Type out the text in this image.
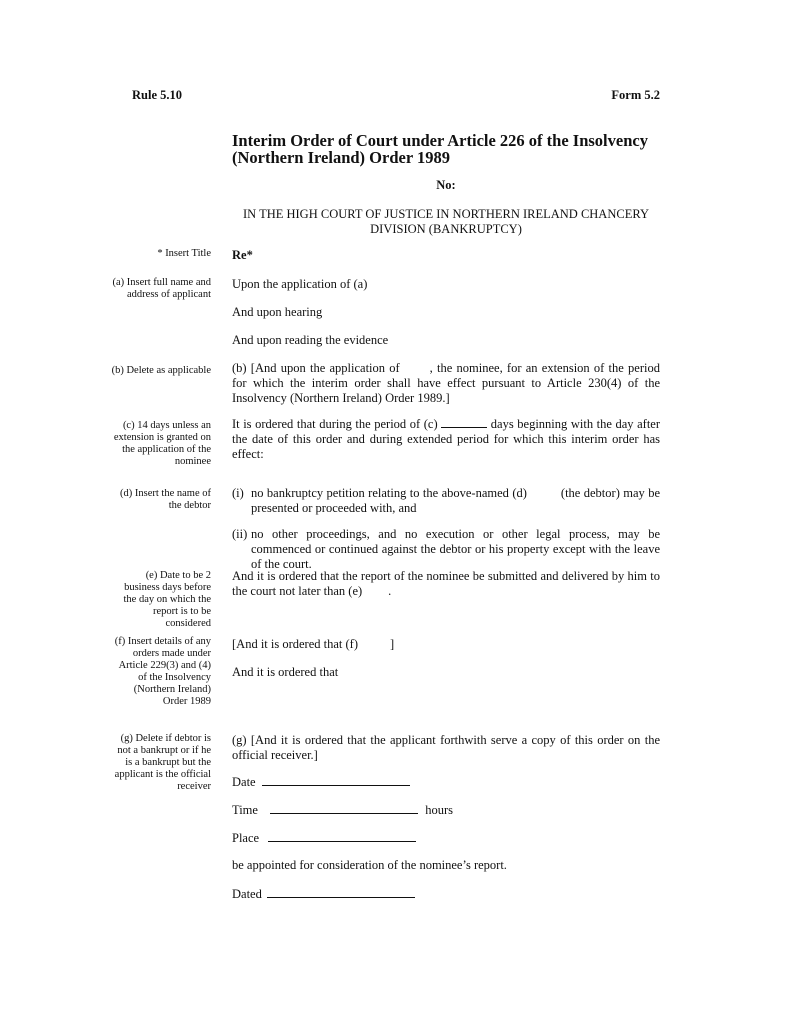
Rule 5.10	Form 5.2
Interim Order of Court under Article 226 of the Insolvency (Northern Ireland) Order 1989
No:
IN THE HIGH COURT OF JUSTICE IN NORTHERN IRELAND CHANCERY DIVISION (BANKRUPTCY)
* Insert Title
(a) Insert full name and address of applicant
(b) Delete as applicable
(c) 14 days unless an extension is granted on the application of the nominee
(d) Insert the name of the debtor
(e) Date to be 2 business days before the day on which the report is to be considered
(f) Insert details of any orders made under Article 229(3) and (4) of the Insolvency (Northern Ireland) Order 1989
(g) Delete if debtor is not a bankrupt or if he is a bankrupt but the applicant is the official receiver
Re*
Upon the application of (a)
And upon hearing
And upon reading the evidence
(b) [And upon the application of , the nominee, for an extension of the period for which the interim order shall have effect pursuant to Article 230(4) of the Insolvency (Northern Ireland) Order 1989.]
It is ordered that during the period of (c)	days beginning with the day after the date of this order and during extended period for which this interim order has effect:
(i) no bankruptcy petition relating to the above-named (d)	(the debtor) may be presented or proceeded with, and
(ii) no other proceedings, and no execution or other legal process, may be commenced or continued against the debtor or his property except with the leave of the court.
And it is ordered that the report of the nominee be submitted and delivered by him to the court not later than (e) .
[And it is ordered that (f)	]
And it is ordered that
(g) [And it is ordered that the applicant forthwith serve a copy of this order on the official receiver.]
Date
Time	hours
Place
be appointed for consideration of the nominee’s report.
Dated
